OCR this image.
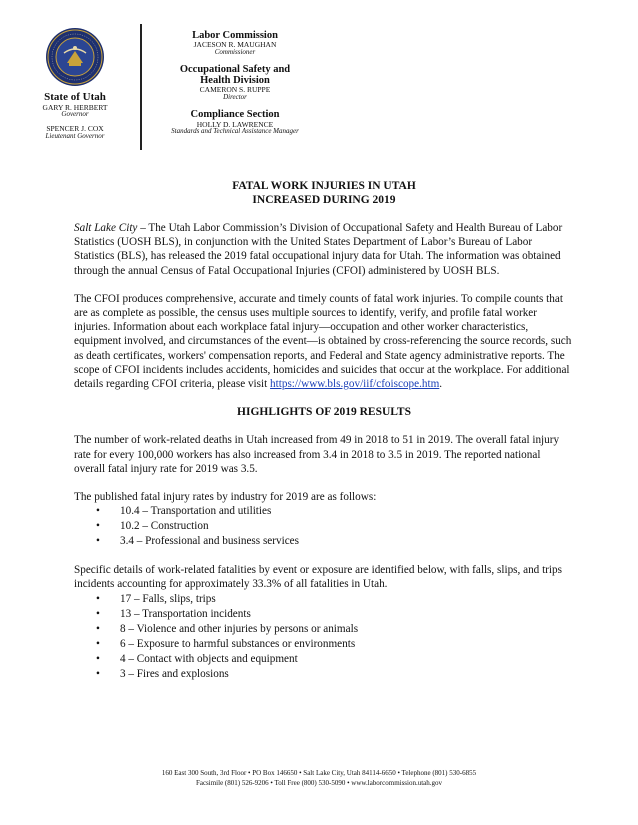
State of Utah
GARY R. HERBERT
Governor
SPENCER J. COX
Lieutenant Governor
Labor Commission
JACESON R. MAUGHAN
Commissioner
Occupational Safety and
Health Division
CAMERON S. RUPPE
Director
Compliance Section
HOLLY D. LAWRENCE
Standards and Technical Assistance Manager
FATAL WORK INJURIES IN UTAH
INCREASED DURING 2019

Salt Lake City – The Utah Labor Commission’s Division of Occupational Safety and Health Bureau of Labor Statistics (UOSH BLS), in conjunction with the United States Department of Labor’s Bureau of Labor Statistics (BLS), has released the 2019 fatal occupational injury data for Utah. The information was obtained through the annual Census of Fatal Occupational Injuries (CFOI) administered by UOSH BLS.

The CFOI produces comprehensive, accurate and timely counts of fatal work injuries. To compile counts that are as complete as possible, the census uses multiple sources to identify, verify, and profile fatal worker injuries. Information about each workplace fatal injury—occupation and other worker characteristics, equipment involved, and circumstances of the event—is obtained by cross-referencing the source records, such as death certificates, workers' compensation reports, and Federal and State agency administrative reports. The scope of CFOI incidents includes accidents, homicides and suicides that occur at the workplace. For additional details regarding CFOI criteria, please visit https://www.bls.gov/iif/cfoiscope.htm.

HIGHLIGHTS OF 2019 RESULTS

The number of work-related deaths in Utah increased from 49 in 2018 to 51 in 2019. The overall fatal injury rate for every 100,000 workers has also increased from 3.4 in 2018 to 3.5 in 2019. The reported national overall fatal injury rate for 2019 was 3.5.

The published fatal injury rates by industry for 2019 are as follows:

• 10.4 – Transportation and utilities
• 10.2 – Construction
• 3.4 – Professional and business services

Specific details of work-related fatalities by event or exposure are identified below, with falls, slips, and trips incidents accounting for approximately 33.3% of all fatalities in Utah.

• 17 – Falls, slips, trips
• 13 – Transportation incidents
• 8 – Violence and other injuries by persons or animals
• 6 – Exposure to harmful substances or environments
• 4 – Contact with objects and equipment
• 3 – Fires and explosions
160 East 300 South, 3rd Floor • PO Box 146650 • Salt Lake City, Utah 84114-6650 • Telephone (801) 530-6855
Facsimile (801) 526-9206 • Toll Free (800) 530-5090 • www.laborcommission.utah.gov
